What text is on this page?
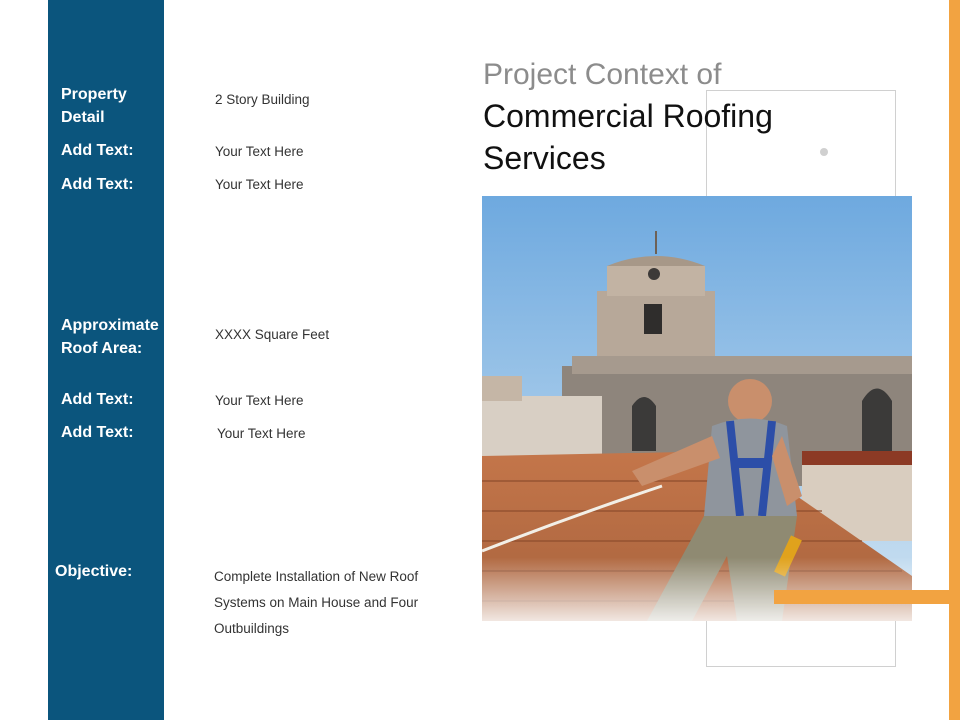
Property
Detail
Add Text:
Add Text:
Approximate
Roof Area:
Add Text:
Add Text:
Objective:
2 Story Building
Your Text Here
Your Text Here
XXXX Square Feet
Your Text Here
Your Text Here
Complete Installation of New Roof Systems on Main House and Four Outbuildings
Project Context of
Commercial Roofing
Services
